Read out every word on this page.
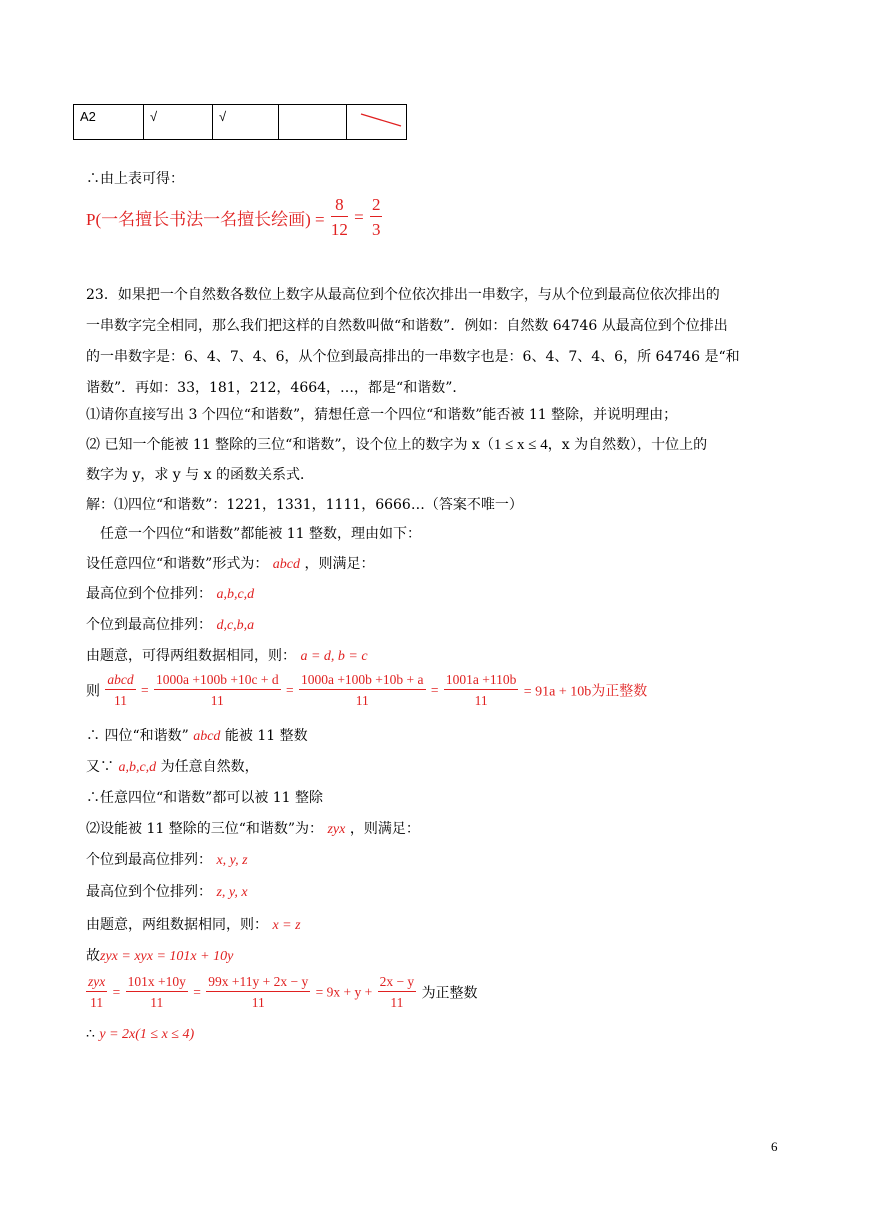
A2	√	√		
∴由上表可得：
P(一名擅长书法一名擅长绘画) = $\frac{8}{12} = \frac{2}{3}$
23．如果把一个自然数各数位上数字从最高位到个位依次排出一串数字，与从个位到最高位依次排出的
一串数字完全相同，那么我们把这样的自然数叫做“和谐数”．例如：自然数 64746 从最高位到个位排出
的一串数字是：6、4、7、4、6，从个位到最高排出的一串数字也是：6、4、7、4、6，所 64746 是“和
谐数”．再如：33，181，212，4664，…，都是“和谐数”．
⑴请你直接写出 3 个四位“和谐数”，猜想任意一个四位“和谐数”能否被 11 整除，并说明理由；
⑵ 已知一个能被 11 整除的三位“和谐数”，设个位上的数字为 x（1 ≤ x ≤ 4，x 为自然数），十位上的
数字为 y，求 y 与 x 的函数关系式．
解：⑴四位“和谐数”：1221，1331，1111，6666…（答案不唯一）
任意一个四位“和谐数”都能被 11 整数，理由如下：
设任意四位“和谐数”形式为： abcd ，则满足：
最高位到个位排列： a,b,c,d
个位到最高位排列： d,c,b,a
由题意，可得两组数据相同，则： a = d, b = c
则 $\frac{\text{abcd}}{11} = \frac{1000a +100b +10c + d}{11} = \frac{1000a +100b +10b + a}{11} = \frac{1001a +110b}{11} = 91a + 10b$为正整数
∴ 四位“和谐数” abcd 能被 11 整数
又∵ a,b,c,d 为任意自然数，
∴任意四位“和谐数”都可以被 11 整除
⑵设能被 11 整除的三位“和谐数”为： zyx ，则满足：
个位到最高位排列： x, y, z
最高位到个位排列： z, y, x
由题意，两组数据相同，则： x = z
故zyx = xyx = 101x + 10y
$\frac{\text{zyx}}{11} = \frac{101x +10y}{11} = \frac{99x +11y + 2x - y}{11} = 9x + y + \frac{2x - y}{11}$ 为正整数
∴ y = 2x(1 ≤ x ≤ 4)
6
